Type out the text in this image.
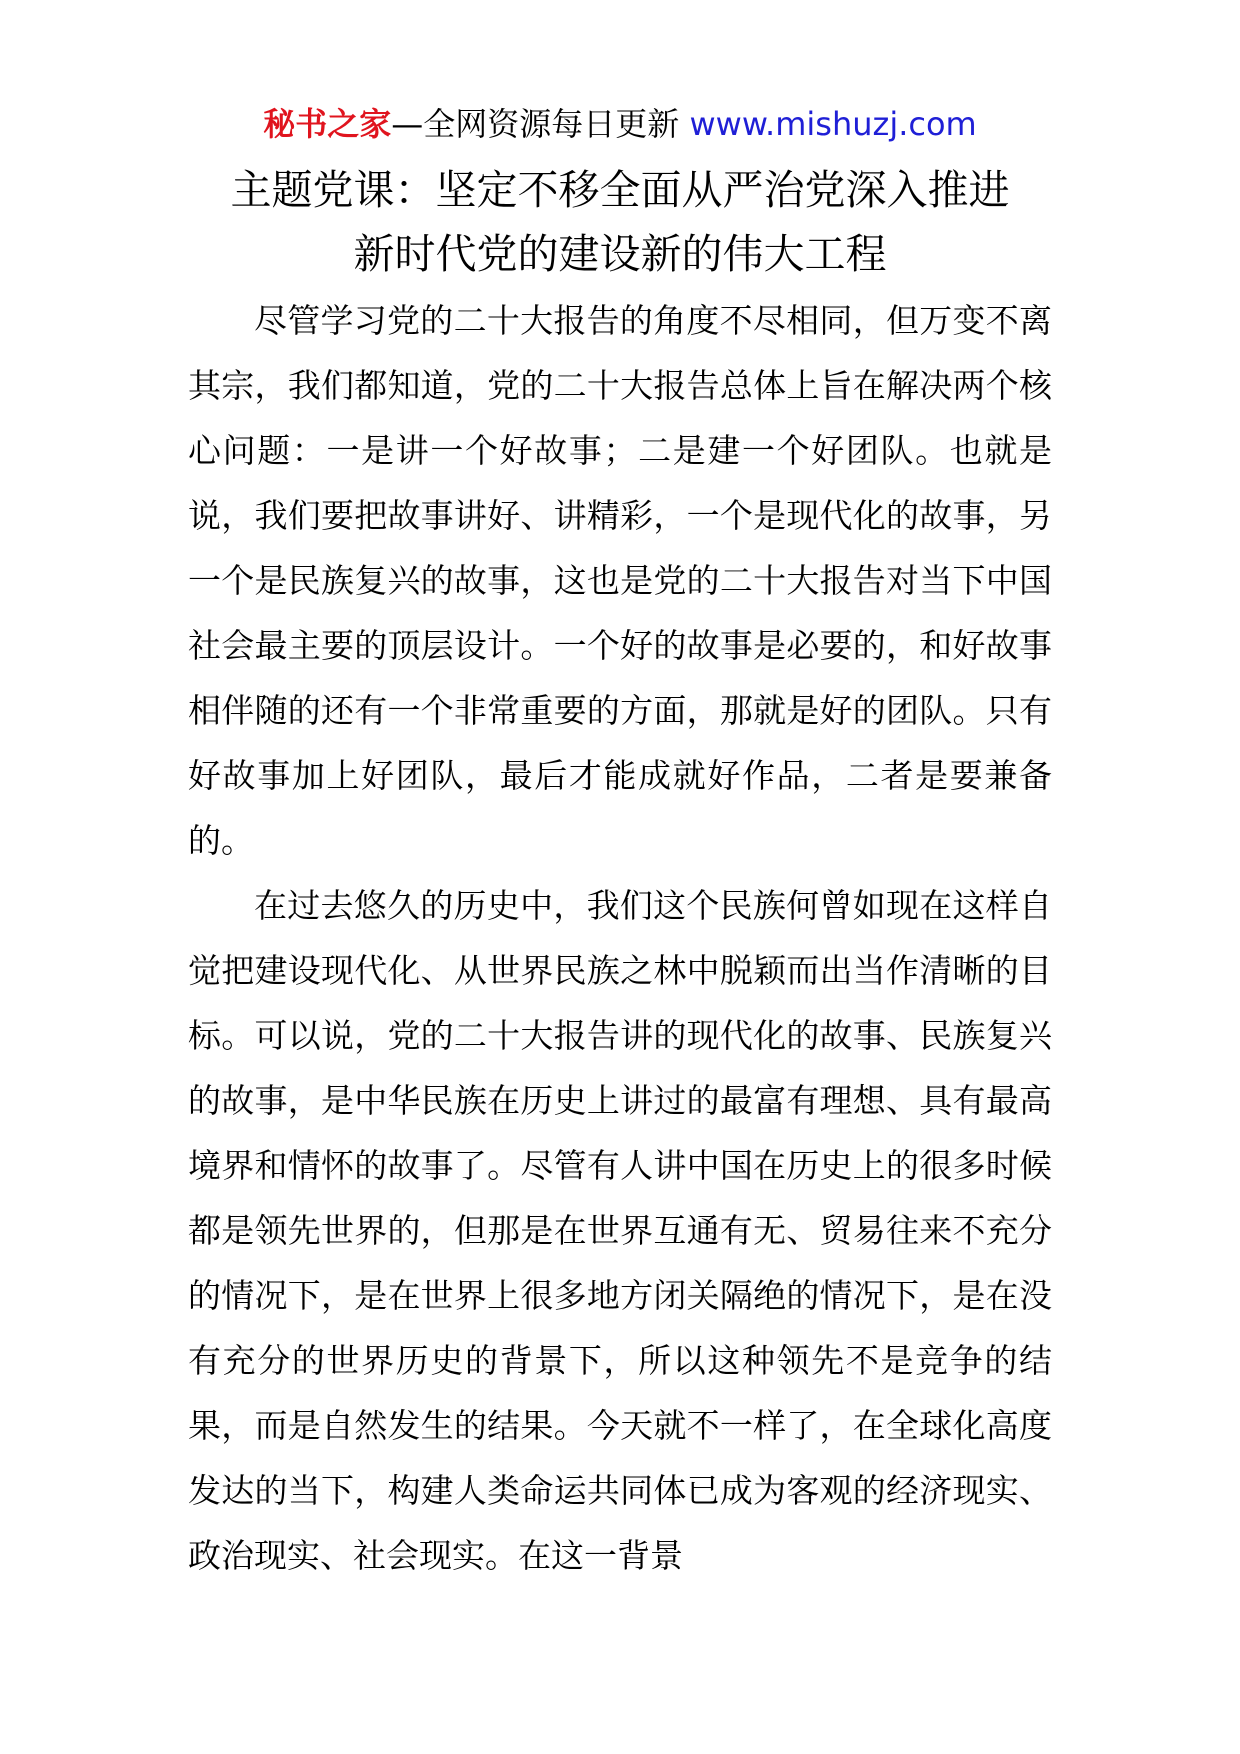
秘书之家—全网资源每日更新 www.mishuzj.com
主题党课：坚定不移全面从严治党深入推进
新时代党的建设新的伟大工程

尽管学习党的二十大报告的角度不尽相同，但万变不离其宗，我们都知道，党的二十大报告总体上旨在解决两个核心问题：一是讲一个好故事；二是建一个好团队。也就是说，我们要把故事讲好、讲精彩，一个是现代化的故事，另一个是民族复兴的故事，这也是党的二十大报告对当下中国社会最主要的顶层设计。一个好的故事是必要的，和好故事相伴随的还有一个非常重要的方面，那就是好的团队。只有好故事加上好团队，最后才能成就好作品，二者是要兼备的。

在过去悠久的历史中，我们这个民族何曾如现在这样自觉把建设现代化、从世界民族之林中脱颖而出当作清晰的目标。可以说，党的二十大报告讲的现代化的故事、民族复兴的故事，是中华民族在历史上讲过的最富有理想、具有最高境界和情怀的故事了。尽管有人讲中国在历史上的很多时候都是领先世界的，但那是在世界互通有无、贸易往来不充分的情况下，是在世界上很多地方闭关隔绝的情况下，是在没有充分的世界历史的背景下，所以这种领先不是竞争的结果，而是自然发生的结果。今天就不一样了，在全球化高度发达的当下，构建人类命运共同体已成为客观的经济现实、政治现实、社会现实。在这一背景
